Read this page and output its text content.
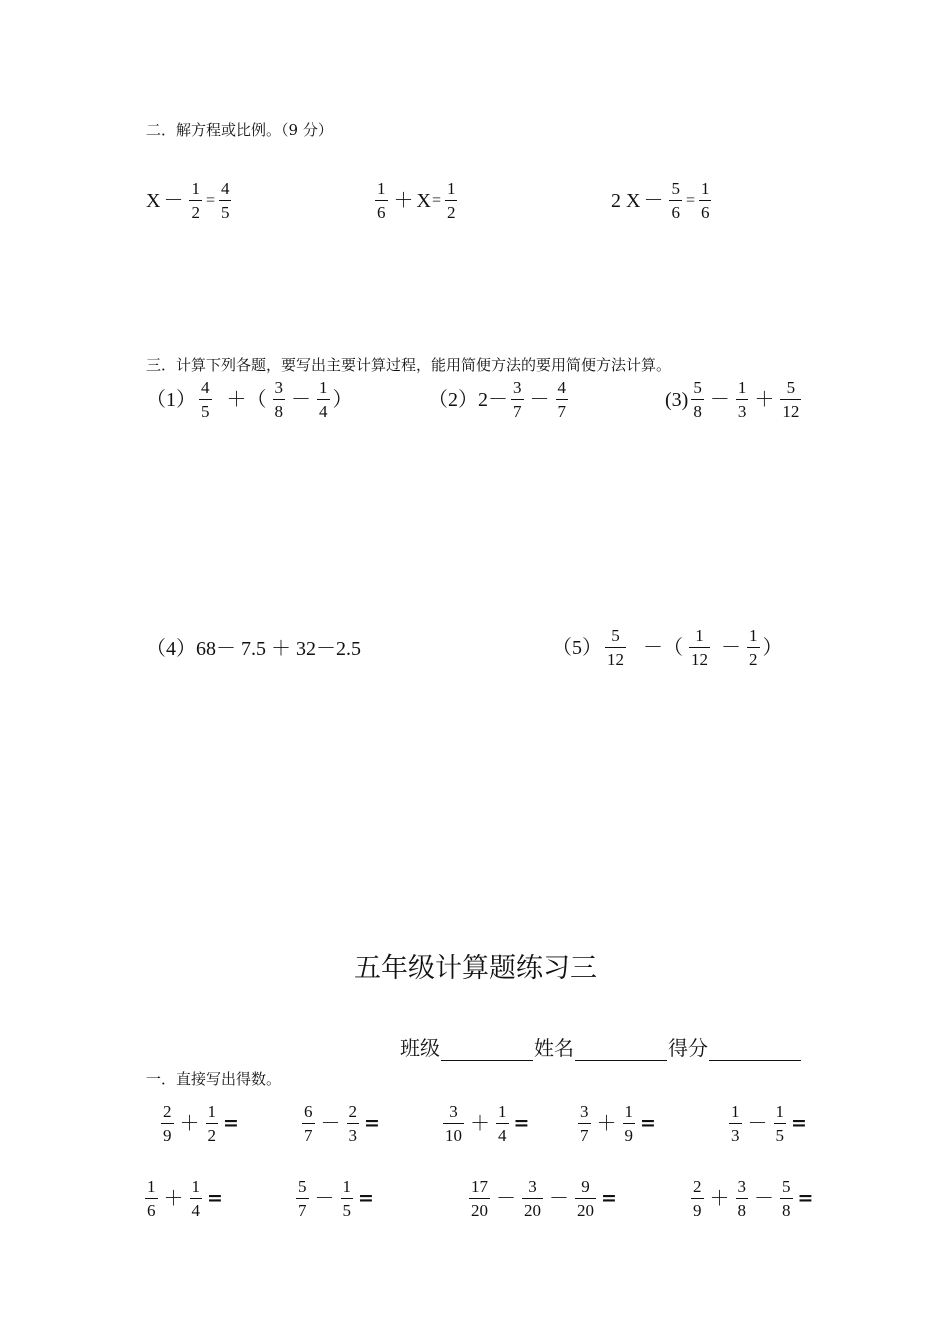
二．解方程或比例。（9 分）
$X - \frac{1}{2} = \frac{4}{5}$	$\frac{1}{6} + X = \frac{1}{2}$	2 $X - \frac{5}{6} = \frac{1}{6}$
三．计算下列各题，要写出主要计算过程，能用简便方法的要用简便方法计算。
$(1) \frac{4}{5}$ ＋（ $\frac{3}{8} - \frac{1}{4}$ ）	$(2)2- \frac{3}{7} - \frac{4}{7}$	$(3) \frac{5}{8} - \frac{1}{3} + \frac{5}{12}$
（4）68－ 7.5 ＋ 32－2.5	$(5) \frac{5}{12}$ －（ $\frac{1}{12} - \frac{1}{2}$ ）
五年级计算题练习三
班级	姓名	得分
一．直接写出得数。
$\frac{2}{9} + \frac{1}{2}$ =	$\frac{6}{7} - \frac{2}{3}$ =	$\frac{3}{10} + \frac{1}{4}$ =	$\frac{3}{7} + \frac{1}{9}$ =	$\frac{1}{3} - \frac{1}{5}$ =
$\frac{1}{6} + \frac{1}{4}$ =	$\frac{5}{7} - \frac{1}{5}$ =	$\frac{17}{20} - \frac{3}{20} - \frac{9}{20}$ =	$\frac{2}{9} + \frac{3}{8} - \frac{5}{8}$ =
